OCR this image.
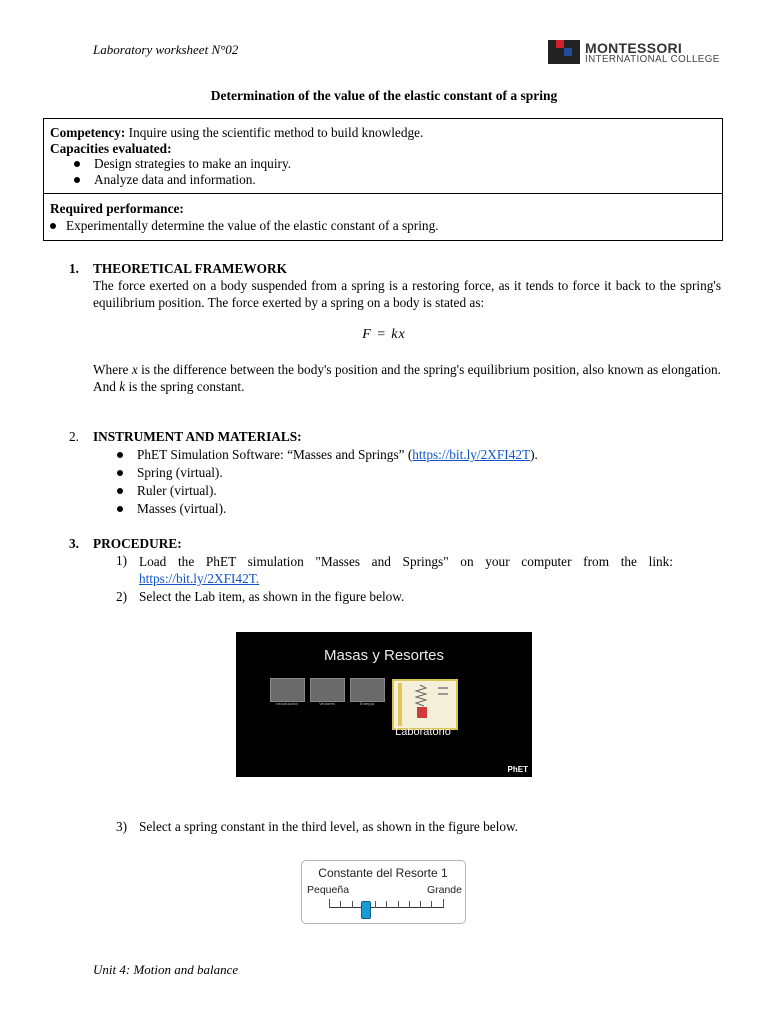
Laboratory worksheet N°02	MONTESSORI
INTERNATIONAL COLLEGE
Determination of the value of the elastic constant of a spring
Competency: Inquire using the scientific method to build knowledge.
Capacities evaluated:
Design strategies to make an inquiry.
Analyze data and information.
Required performance:
Experimentally determine the value of the elastic constant of a spring.
1. THEORETICAL FRAMEWORK
The force exerted on a body suspended from a spring is a restoring force, as it tends to force it back to the spring's equilibrium position. The force exerted by a spring on a body is stated as:
F = kx
Where x is the difference between the body's position and the spring's equilibrium position, also known as elongation. And k is the spring constant.
2. INSTRUMENT AND MATERIALS:
PhET Simulation Software: “Masses and Springs” (https://bit.ly/2XFI42T).
Spring (virtual).
Ruler (virtual).
Masses (virtual).
3. PROCEDURE:
1) Load the PhET simulation "Masses and Springs" on your computer from the link:
https://bit.ly/2XFI42T.
2) Select the Lab item, as shown in the figure below.
Masas y Resortes
Introducción	Vectores	Energía
Laboratorio
PhET
3) Select a spring constant in the third level, as shown in the figure below.
Constante del Resorte 1
Pequeña	Grande
Unit 4: Motion and balance
